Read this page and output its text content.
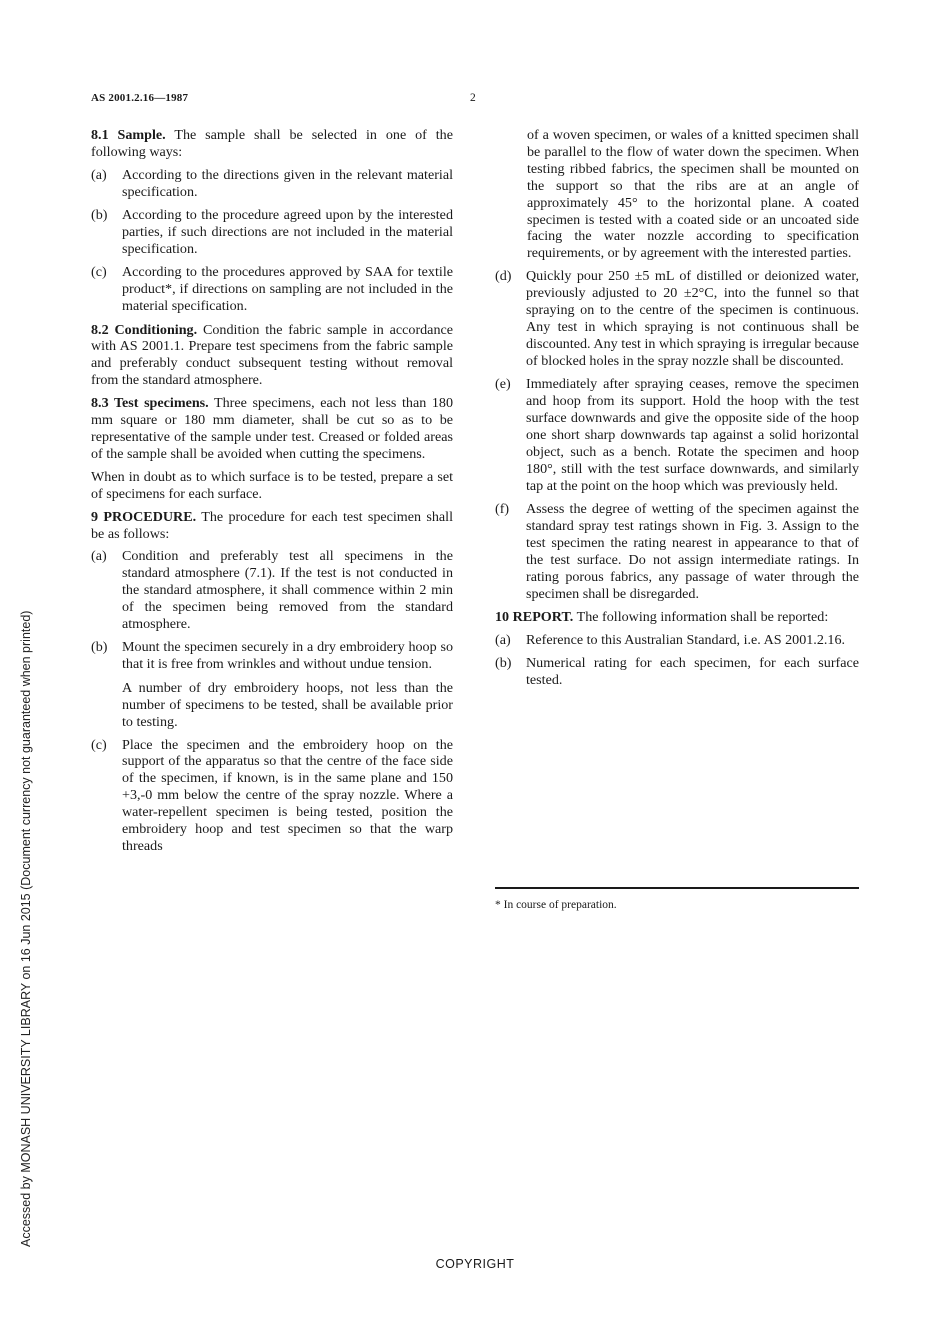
AS 2001.2.16—1987	2

8.1 Sample. The sample shall be selected in one of the following ways:

(a)	According to the directions given in the relevant material specification.
(b)	According to the procedure agreed upon by the interested parties, if such directions are not included in the material specification.
(c)	According to the procedures approved by SAA for textile product*, if directions on sampling are not included in the material specification.

8.2 Conditioning. Condition the fabric sample in accordance with AS 2001.1. Prepare test specimens from the fabric sample and preferably conduct subsequent testing without removal from the standard atmosphere.

8.3 Test specimens. Three specimens, each not less than 180 mm square or 180 mm diameter, shall be cut so as to be representative of the sample under test. Creased or folded areas of the sample shall be avoided when cutting the specimens.

When in doubt as to which surface is to be tested, prepare a set of specimens for each surface.

9 PROCEDURE. The procedure for each test specimen shall be as follows:

(a)	Condition and preferably test all specimens in the standard atmosphere (7.1). If the test is not conducted in the standard atmosphere, it shall commence within 2 min of the specimen being removed from the standard atmosphere.
(b)	Mount the specimen securely in a dry embroidery hoop so that it is free from wrinkles and without undue tension.

A number of dry embroidery hoops, not less than the number of specimens to be tested, shall be available prior to testing.

(c)	Place the specimen and the embroidery hoop on the support of the apparatus so that the centre of the face side of the specimen, if known, is in the same plane and 150 +3,-0 mm below the centre of the spray nozzle. Where a water-repellent specimen is being tested, position the embroidery hoop and test specimen so that the warp threads

of a woven specimen, or wales of a knitted specimen shall be parallel to the flow of water down the specimen. When testing ribbed fabrics, the specimen shall be mounted on the support so that the ribs are at an angle of approximately 45° to the horizontal plane. A coated specimen is tested with a coated side or an uncoated side facing the water nozzle according to specification requirements, or by agreement with the interested parties.

(d)	Quickly pour 250 ±5 mL of distilled or deionized water, previously adjusted to 20 ±2°C, into the funnel so that spraying on to the centre of the specimen is continuous. Any test in which spraying is not continuous shall be discounted. Any test in which spraying is irregular because of blocked holes in the spray nozzle shall be discounted.
(e)	Immediately after spraying ceases, remove the specimen and hoop from its support. Hold the hoop with the test surface downwards and give the opposite side of the hoop one short sharp downwards tap against a solid horizontal object, such as a bench. Rotate the specimen and hoop 180°, still with the test surface downwards, and similarly tap at the point on the hoop which was previously held.
(f)	Assess the degree of wetting of the specimen against the standard spray test ratings shown in Fig. 3. Assign to the test specimen the rating nearest in appearance to that of the test surface. Do not assign intermediate ratings. In rating porous fabrics, any passage of water through the specimen shall be disregarded.

10 REPORT. The following information shall be reported:

(a)	Reference to this Australian Standard, i.e. AS 2001.2.16.
(b)	Numerical rating for each specimen, for each surface tested.
* In course of preparation.
Accessed by MONASH UNIVERSITY LIBRARY on 16 Jun 2015 (Document currency not guaranteed when printed)
COPYRIGHT
